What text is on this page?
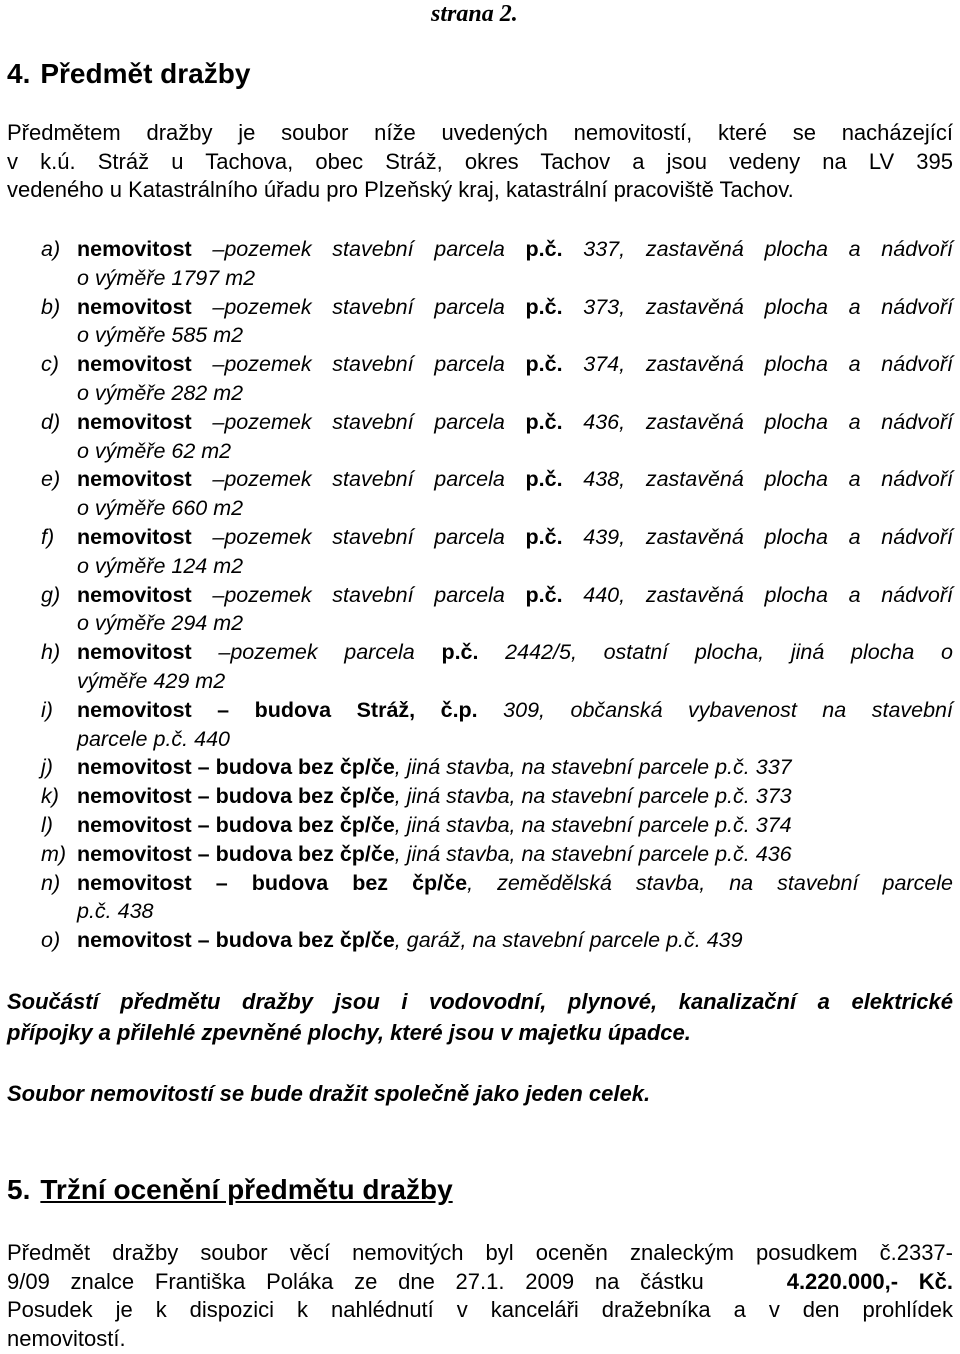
strana 2.
4. Předmět dražby
Předmětem dražby je soubor níže uvedených nemovitostí, které se nacházející
v k.ú. Stráž u Tachova, obec Stráž, okres Tachov a jsou vedeny na LV 395
vedeného u Katastrálního úřadu pro Plzeňský kraj, katastrální pracoviště Tachov.
a) nemovitost –pozemek stavební parcela p.č. 337, zastavěná plocha a nádvoří
o výměře 1797 m2
b) nemovitost –pozemek stavební parcela p.č. 373, zastavěná plocha a nádvoří
o výměře 585 m2
c) nemovitost –pozemek stavební parcela p.č. 374, zastavěná plocha a nádvoří
o výměře 282 m2
d) nemovitost –pozemek stavební parcela p.č. 436, zastavěná plocha a nádvoří
o výměře 62 m2
e) nemovitost –pozemek stavební parcela p.č. 438, zastavěná plocha a nádvoří
o výměře 660 m2
f) nemovitost –pozemek stavební parcela p.č. 439, zastavěná plocha a nádvoří
o výměře 124 m2
g) nemovitost –pozemek stavební parcela p.č. 440, zastavěná plocha a nádvoří
o výměře 294 m2
h) nemovitost –pozemek parcela p.č. 2442/5, ostatní plocha, jiná plocha o
výměře 429 m2
i) nemovitost – budova Stráž, č.p. 309, občanská vybavenost na stavební
parcele p.č. 440
j) nemovitost – budova bez čp/če, jiná stavba, na stavební parcele p.č. 337
k) nemovitost – budova bez čp/če, jiná stavba, na stavební parcele p.č. 373
l) nemovitost – budova bez čp/če, jiná stavba, na stavební parcele p.č. 374
m) nemovitost – budova bez čp/če, jiná stavba, na stavební parcele p.č. 436
n) nemovitost – budova bez čp/če, zemědělská stavba, na stavební parcele
p.č. 438
o) nemovitost – budova bez čp/če, garáž, na stavební parcele p.č. 439
Součástí předmětu dražby jsou i vodovodní, plynové, kanalizační a elektrické
přípojky a přilehlé zpevněné plochy, které jsou v majetku úpadce.
Soubor nemovitostí se bude dražit společně jako jeden celek.
5. Tržní ocenění předmětu dražby
Předmět dražby soubor věcí nemovitých byl oceněn znaleckým posudkem č.2337-
9/09 znalce Františka Poláka ze dne 27.1. 2009 na částku	4.220.000,- Kč.
Posudek je k dispozici k nahlédnutí v kanceláři dražebníka a v den prohlídek
nemovitostí.
